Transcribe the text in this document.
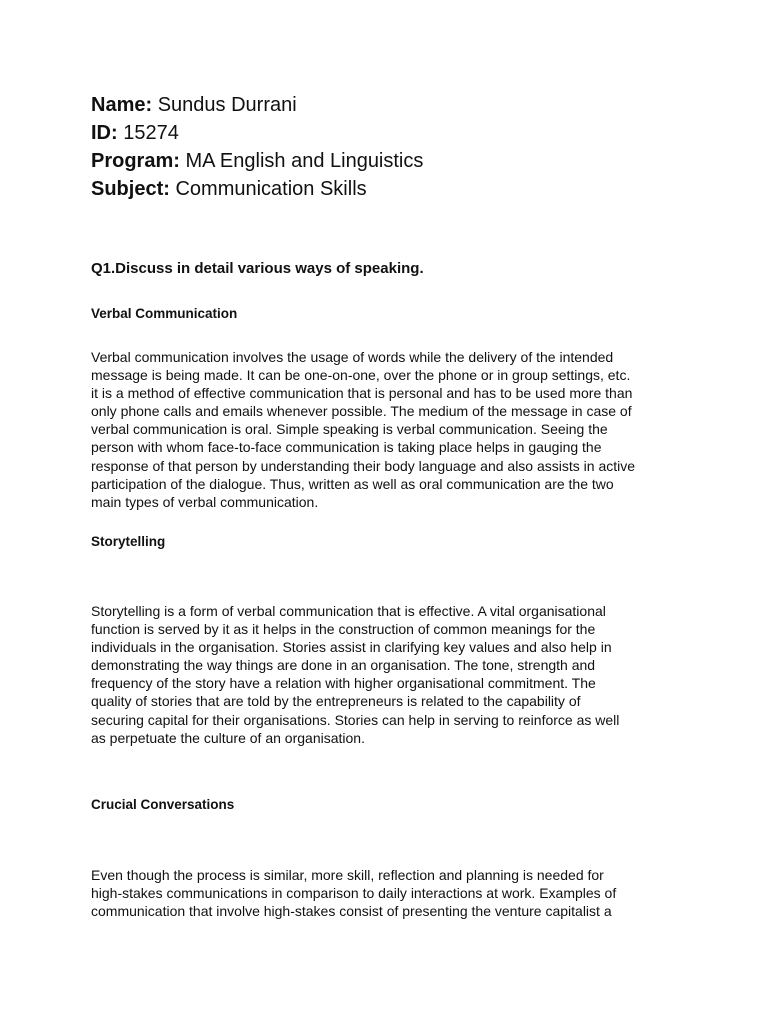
Name: Sundus Durrani
ID: 15274
Program: MA English and Linguistics
Subject: Communication Skills
Q1.Discuss in detail various ways of speaking.
Verbal Communication
Verbal communication involves the usage of words while the delivery of the intended
message is being made. It can be one-on-one, over the phone or in group settings, etc.
it is a method of effective communication that is personal and has to be used more than
only phone calls and emails whenever possible. The medium of the message in case of
verbal communication is oral. Simple speaking is verbal communication. Seeing the
person with whom face-to-face communication is taking place helps in gauging the
response of that person by understanding their body language and also assists in active
participation of the dialogue. Thus, written as well as oral communication are the two
main types of verbal communication.
Storytelling
Storytelling is a form of verbal communication that is effective. A vital organisational
function is served by it as it helps in the construction of common meanings for the
individuals in the organisation. Stories assist in clarifying key values and also help in
demonstrating the way things are done in an organisation. The tone, strength and
frequency of the story have a relation with higher organisational commitment. The
quality of stories that are told by the entrepreneurs is related to the capability of
securing capital for their organisations. Stories can help in serving to reinforce as well
as perpetuate the culture of an organisation.
Crucial Conversations
Even though the process is similar, more skill, reflection and planning is needed for
high-stakes communications in comparison to daily interactions at work. Examples of
communication that involve high-stakes consist of presenting the venture capitalist a
